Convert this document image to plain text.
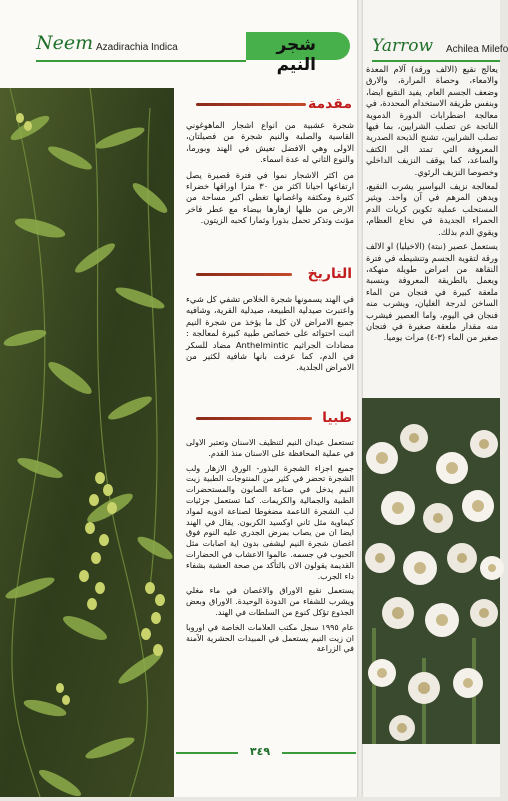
Neem Azadirachia Indica	شجر النيم
Yarrow Achilea Milefo
مقدمة

شجرة عشبية من انواع اشجار الماهوغوني القاسية والصلبة والنيم شجرة من فصيلتان، الاولى وهي الافضل تعيش في الهند وبورما، والنوع الثاني له عدة اسماء.

من اكثر الاشجار نموا في فترة قصيرة يصل ارتفاعها احيانا اكثر من ٣٠ مترا اوراقها خضراء كثيرة ومكثفة واغصانها تغطي اكبر مساحة من الارض من ظلها ازهارها بيضاء مع عطر فاخر مؤنث وتذكر تحمل بذورا وثمارا كحبه الزيتون.

التاريخ

في الهند يسمونها شجرة الخلاص تشفي كل شيء واعتبرت صيدلية الطبيعة، صيدلية القرية، وشافيه جميع الامراض لان كل ما يؤخذ من شجرة النيم اثبت احتوائه على خصائص طبية كبيرة لمعالجة : مضادات الجراثيم Anthelmintic مضاد للسكر في الدم، كما عرفت بانها شافية لكثير من الامراض الجلدية.

طبيا

تستعمل عيدان النيم لتنظيف الاسنان وتعتبر الاولى في عملية المحافظة على الاسنان منذ القدم.

جميع اجزاء الشجرة البذور- الورق الازهار ولب الشجرة تحضر في كثير من المنتوجات الطبية زيت النيم يدخل في صناعة الصابون والمستحضرات الطبية والجمالية والكريمات. كما تستعمل جزئيات لب الشجرة الناعمة مضغوطا لصناعة ادويه لمواد كيماوية مثل ثاني اوكسيد الكربون. يقال في الهند ايضا ان من يصاب بمرض الجدري عليه النوم فوق اغصان شجرة النيم ليشفى بدون اية اصابات مثل الحبوب في جسمه. عالموا الاعشاب في الحضارات القديمة يقولون الان بالتأكد من صحة العشبة بشفاء داء الجرب.

يستعمل نقيع الاوراق والاغصان في ماء مغلي ويشرب للشفاء من الدودة الوحيدة. الاوراق وبعض الجذوع تؤكل كنوع من السلطات في الهند.

عام ١٩٩٥ سجل مكتب العلامات الخاصة في اوروبا ان زيت النيم يستعمل في المبيدات الحشرية الآمنة في الزراعة

يعالج نقيع (الالف ورقة) آلام المعدة والامعاء، وحصاة المرارة، والارق وضعف الجسم العام. يفيد النقيع ايضا، وبنفس طريقة الاستخدام المحددة، في معالجة اضطرابات الدورة الدموية الناتجة عن تصلب الشرايين، بما فيها تصلب الشرايين، تشنج الذبحة الصدرية المعروفة التي تمتد الى الكتف والساعد، كما يوقف النزيف الداخلي وخصوصا النزيف الرئوي.

لمعالجة نزيف البواسير يشرب النقيع، ويدهن المرهم في آن واحد. ويثير المستحلب عملية تكوين كريات الدم الحمراء الجديدة في نخاع العظام، ويقوي الدم بذلك.

يستعمل عصير (نبتة) (الاخيليا) او الالف ورقة لتقوية الجسم وتنشيطه في فترة النقاهة من امراض طويلة منهكة، ويعمل بالطريقة المعروفة وبنسبة ملعقة كبيرة في فنجان من الماء الساخن لدرجة الغليان، ويشرب منه فنجان في اليوم، واما العصير فيشرب منه مقدار ملعقة صغيرة في فنجان صغير من الماء (٣-٤) مرات يوميا.

٣٤٩
